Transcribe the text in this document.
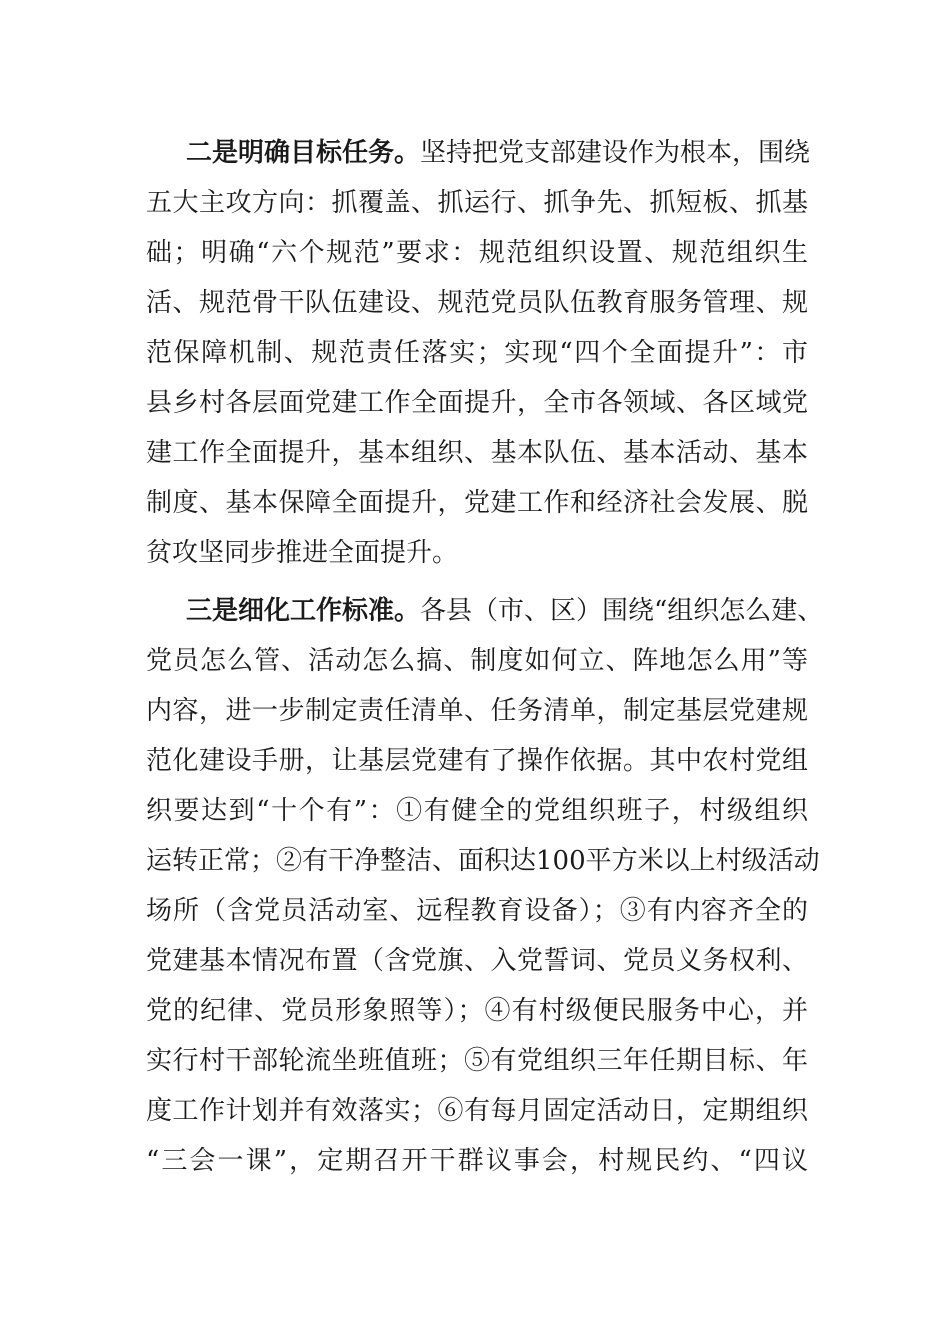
二是明确目标任务。坚持把党支部建设作为根本，围绕
五大主攻方向：抓覆盖、抓运行、抓争先、抓短板、抓基
础；明确“六个规范”要求：规范组织设置、规范组织生
活、规范骨干队伍建设、规范党员队伍教育服务管理、规
范保障机制、规范责任落实；实现“四个全面提升”：市
县乡村各层面党建工作全面提升，全市各领域、各区域党
建工作全面提升，基本组织、基本队伍、基本活动、基本
制度、基本保障全面提升，党建工作和经济社会发展、脱
贫攻坚同步推进全面提升。
三是细化工作标准。各县（市、区）围绕“组织怎么建、
党员怎么管、活动怎么搞、制度如何立、阵地怎么用”等
内容，进一步制定责任清单、任务清单，制定基层党建规
范化建设手册，让基层党建有了操作依据。其中农村党组
织要达到“十个有”：①有健全的党组织班子，村级组织
运转正常；②有干净整洁、面积达100平方米以上村级活动
场所（含党员活动室、远程教育设备）；③有内容齐全的
党建基本情况布置（含党旗、入党誓词、党员义务权利、
党的纪律、党员形象照等）；④有村级便民服务中心，并
实行村干部轮流坐班值班；⑤有党组织三年任期目标、年
度工作计划并有效落实；⑥有每月固定活动日，定期组织
“三会一课”，定期召开干群议事会，村规民约、“四议
